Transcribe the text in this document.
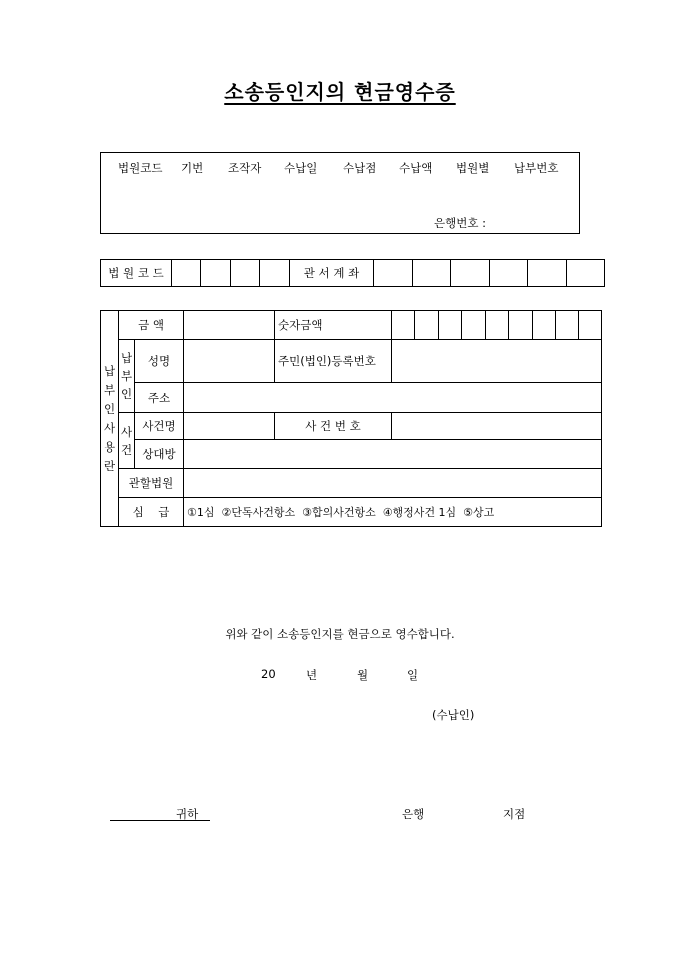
소송등인지의 현금영수증
법원코드 기번 조작자 수납일 수납점 수납액 법원별 납부번호
은행번호 :
법 원 코 드					관 서 계 좌						
납부인사용란	금 액			숫자금액									
	납부인	성명		주민(법인)등록번호									
		주소											
	사건	사건명		사 건 번 호									
		상대방											
	관할법원												
	심    급		①1심  ②단독사건항소  ③합의사건항소  ④행정사건 1심  ⑤상고										
위와 같이 소송등인지를 현금으로 영수합니다.
20	년	월	일
(수납인)
귀하	은행	지점
